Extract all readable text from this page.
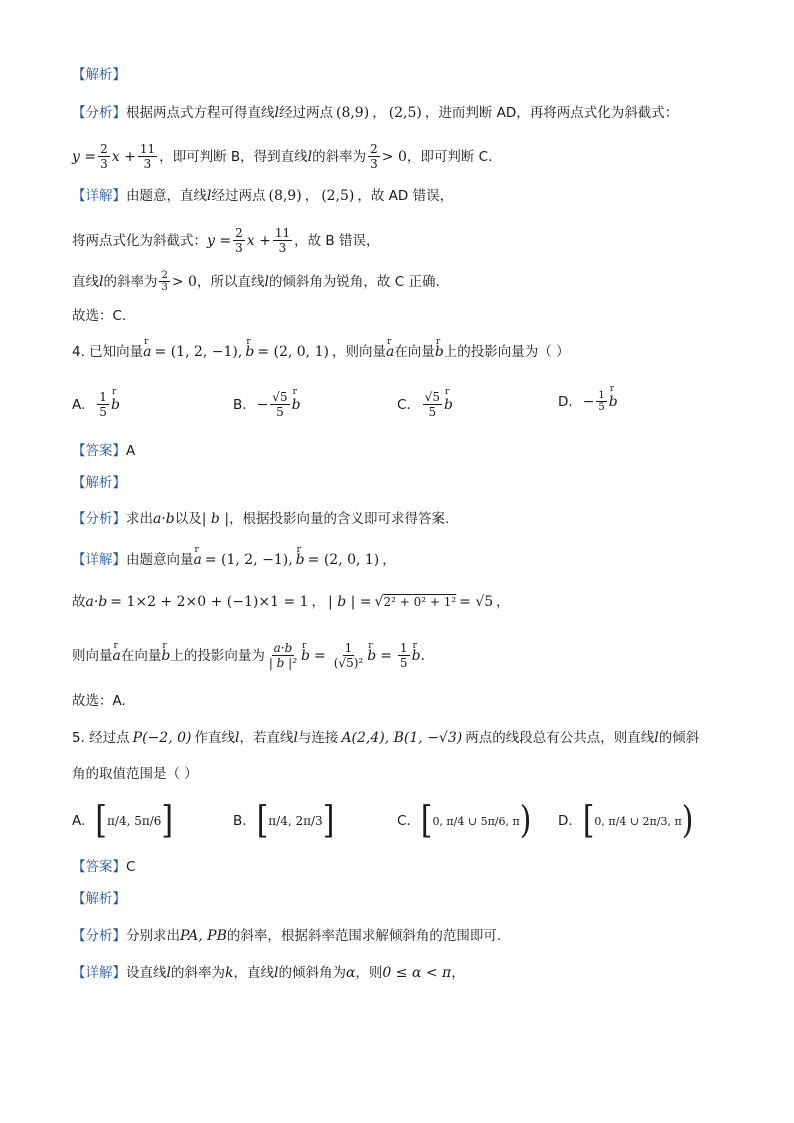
【解析】
【分析】 根据两点式方程可得直线 l 经过两点 (8,9) ， (2,5) ，进而判断 AD，再将两点式化为斜截式：
$y = \frac{2}{3}$ $x + \frac{11}{3}$ ，即可判断 B，得到直线 l 的斜率为 $\frac{2}{3} > 0$ ，即可判断 C.
【详解】 由题意，直线 l 经过两点 (8,9) ， (2,5) ，故 AD 错误，
将两点式化为斜截式： $y = \frac{2}{3}$ $x + \frac{11}{3}$ ，故 B 错误，
直线 l 的斜率为 $\frac{2}{3} > 0$ ，所以直线 l 的倾斜角为锐角，故 C 正确.
故选：C.
4. 已知向量 r a = (1, 2, −1), r b = (2, 0, 1) ，则向量 r a 在向量 r b 上的投影向量为（ ）
A. $\frac{1}{5}$ r b	B. − $\frac{√5}{5}$ r b	C. $\frac{√5}{5}$ r b	D. − $\frac{1}{5}$ r b
【答案】 A
【解析】
【分析】 求出 a·b 以及 | b | ，根据投影向量的含义即可求得答案.
【详解】 由题意向量 r a = (1, 2, −1), r b = (2, 0, 1) ，
故 a·b = 1×2 + 2×0 + (−1)×1 = 1 ， | b | = √ 2² + 0² + 1² = √5 ，
则向量 r a 在向量 r b 上的投影向量为 $\frac{a\cdot b}{\text{| b |²}}$ r $b = \frac{1}{\text{(√5)²}}$ r $b = \frac{1}{5}$ r b .
故选：A.
5. 经过点 P(−2, 0) 作直线 l ，若直线 l 与连接 A(2,4), B(1, −√3) 两点的线段总有公共点，则直线 l 的倾斜
角的取值范围是（ ）
A. [ π/4, 5π/6 ]	B. [ π/4, 2π/3 ]	C. [ 0, π/4 ∪ 5π/6, π ) D. [ 0, π/4 ∪ 2π/3, π )
【答案】 C
【解析】
【分析】 分别求出 PA, PB 的斜率，根据斜率范围求解倾斜角的范围即可.
【详解】 设直线 l 的斜率为 k ，直线 l 的倾斜角为 α ，则 0 ≤ α < π ，
